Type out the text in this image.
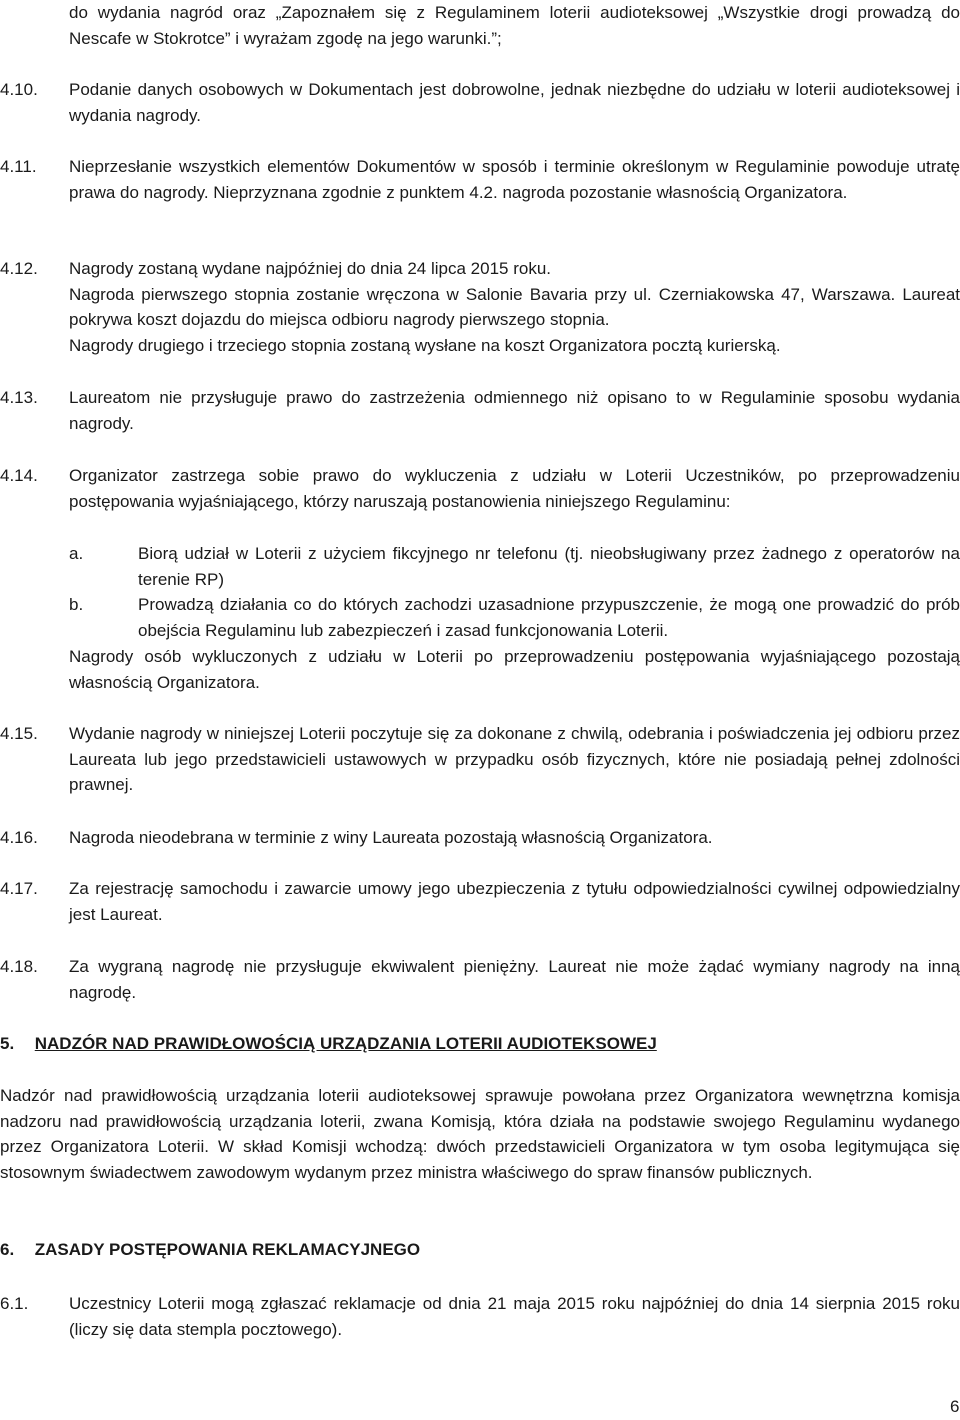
do wydania nagród oraz „Zapoznałem się z Regulaminem loterii audioteksowej „Wszystkie drogi prowadzą do Nescafe w Stokrotce” i wyrażam zgodę na jego warunki.”;
4.10.	Podanie danych osobowych w Dokumentach jest dobrowolne, jednak niezbędne do udziału w loterii audioteksowej i wydania nagrody.

4.11.	Nieprzesłanie wszystkich elementów Dokumentów w sposób i terminie określonym w Regulaminie powoduje utratę prawa do nagrody. Nieprzyznana zgodnie z punktem 4.2. nagroda pozostanie własnością Organizatora.

4.12.	Nagrody zostaną wydane najpóźniej do dnia 24 lipca 2015 roku.

Nagroda pierwszego stopnia zostanie wręczona w Salonie Bavaria przy ul. Czerniakowska 47, Warszawa. Laureat pokrywa koszt dojazdu do miejsca odbioru nagrody pierwszego stopnia.

Nagrody drugiego i trzeciego stopnia zostaną wysłane na koszt Organizatora pocztą kurierską.

4.13.	Laureatom nie przysługuje prawo do zastrzeżenia odmiennego niż opisano to w Regulaminie sposobu wydania nagrody.

4.14.	Organizator zastrzega sobie prawo do wykluczenia z udziału w Loterii Uczestników, po przeprowadzeniu postępowania wyjaśniającego, którzy naruszają postanowienia niniejszego Regulaminu:

a.	Biorą udział w Loterii z użyciem fikcyjnego nr telefonu (tj. nieobsługiwany przez żadnego z operatorów na terenie RP)

b.	Prowadzą działania co do których zachodzi uzasadnione przypuszczenie, że mogą one prowadzić do prób obejścia Regulaminu lub zabezpieczeń i zasad funkcjonowania Loterii.

Nagrody osób wykluczonych z udziału w Loterii po przeprowadzeniu postępowania wyjaśniającego pozostają własnością Organizatora.

4.15.	Wydanie nagrody w niniejszej Loterii poczytuje się za dokonane z chwilą, odebrania i poświadczenia jej odbioru przez Laureata lub jego przedstawicieli ustawowych w przypadku osób fizycznych, które nie posiadają pełnej zdolności prawnej.

4.16.	Nagroda nieodebrana w terminie z winy Laureata pozostają własnością Organizatora.

4.17.	Za rejestrację samochodu i zawarcie umowy jego ubezpieczenia z tytułu odpowiedzialności cywilnej odpowiedzialny jest Laureat.

4.18.	Za wygraną nagrodę nie przysługuje ekwiwalent pieniężny. Laureat nie może żądać wymiany nagrody na inną nagrodę.

5. NADZÓR NAD PRAWIDŁOWOŚCIĄ URZĄDZANIA LOTERII AUDIOTEKSOWEJ

Nadzór nad prawidłowością urządzania loterii audioteksowej sprawuje powołana przez Organizatora wewnętrzna komisja nadzoru nad prawidłowością urządzania loterii, zwana Komisją, która działa na podstawie swojego Regulaminu wydanego przez Organizatora Loterii. W skład Komisji wchodzą: dwóch przedstawicieli Organizatora w tym osoba legitymująca się stosownym świadectwem zawodowym wydanym przez ministra właściwego do spraw finansów publicznych.

6. ZASADY POSTĘPOWANIA REKLAMACYJNEGO
6.1.	Uczestnicy Loterii mogą zgłaszać reklamacje od dnia 21 maja 2015 roku najpóźniej do dnia 14 sierpnia 2015 roku (liczy się data stempla pocztowego).

6
